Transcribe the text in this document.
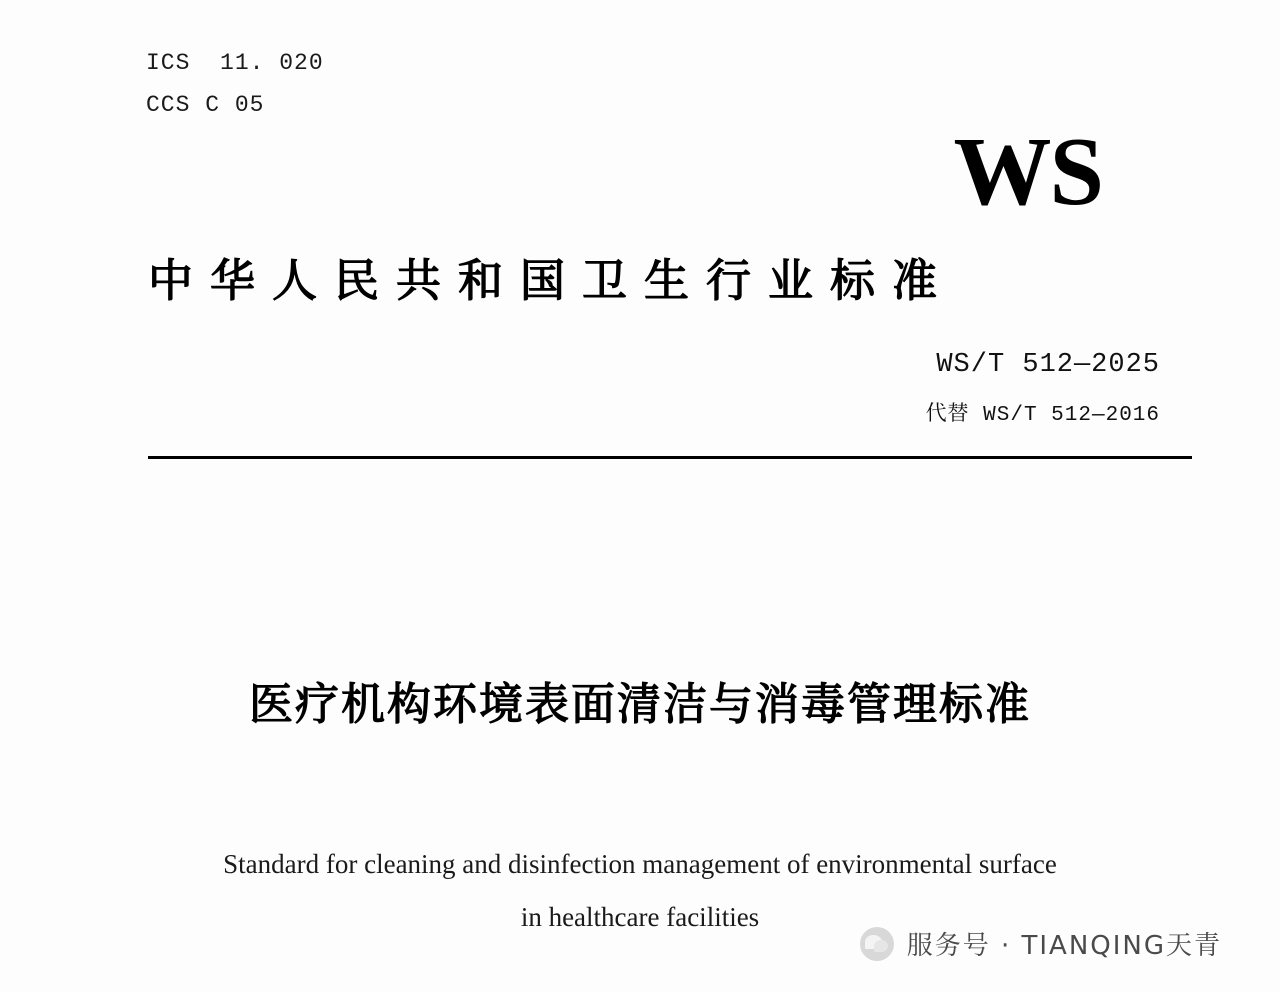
ICS  11. 020
CCS C 05
WS
中华人民共和国卫生行业标准
WS/T 512—2025
代替 WS/T 512—2016
医疗机构环境表面清洁与消毒管理标准
Standard for cleaning and disinfection management of environmental surface
in healthcare facilities
服务号 · TIANQING天青
